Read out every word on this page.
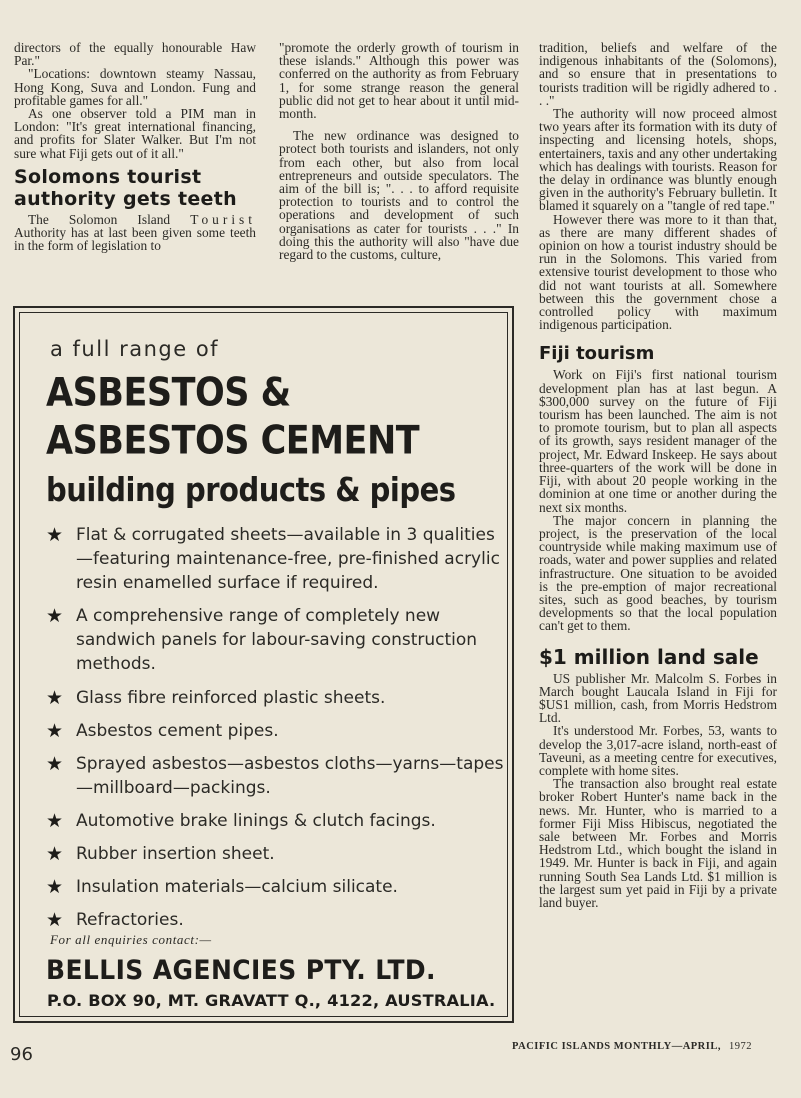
directors of the equally honourable Haw Par."

"Locations: downtown steamy Nassau, Hong Kong, Suva and London. Fung and profitable games for all."

As one observer told a PIM man in London: "It's great international financing, and profits for Slater Walker. But I'm not sure what Fiji gets out of it all."

Solomons tourist authority gets teeth

The Solomon Island Tourist Authority has at last been given some teeth in the form of legislation to

"promote the orderly growth of tourism in these islands." Although this power was conferred on the authority as from February 1, for some strange reason the general public did not get to hear about it until mid-month.

The new ordinance was designed to protect both tourists and islanders, not only from each other, but also from local entrepreneurs and outside speculators. The aim of the bill is; ". . . to afford requisite protection to tourists and to control the operations and development of such organisations as cater for tourists . . ." In doing this the authority will also "have due regard to the customs, culture,

tradition, beliefs and welfare of the indigenous inhabitants of the (Solomons), and so ensure that in presentations to tourists tradition will be rigidly adhered to . . ."

The authority will now proceed almost two years after its formation with its duty of inspecting and licensing hotels, shops, entertainers, taxis and any other undertaking which has dealings with tourists. Reason for the delay in ordinance was bluntly enough given in the authority's February bulletin. It blamed it squarely on a "tangle of red tape."

However there was more to it than that, as there are many different shades of opinion on how a tourist industry should be run in the Solomons. This varied from extensive tourist development to those who did not want tourists at all. Somewhere between this the government chose a controlled policy with maximum indigenous participation.

Fiji tourism

Work on Fiji's first national tourism development plan has at last begun. A $300,000 survey on the future of Fiji tourism has been launched. The aim is not to promote tourism, but to plan all aspects of its growth, says resident manager of the project, Mr. Edward Inskeep. He says about three-quarters of the work will be done in Fiji, with about 20 people working in the dominion at one time or another during the next six months.

The major concern in planning the project, is the preservation of the local countryside while making maximum use of roads, water and power supplies and related infrastructure. One situation to be avoided is the pre-emption of major recreational sites, such as good beaches, by tourism developments so that the local population can't get to them.

$1 million land sale

US publisher Mr. Malcolm S. Forbes in March bought Laucala Island in Fiji for $US1 million, cash, from Morris Hedstrom Ltd.

It's understood Mr. Forbes, 53, wants to develop the 3,017-acre island, north-east of Taveuni, as a meeting centre for executives, complete with home sites.

The transaction also brought real estate broker Robert Hunter's name back in the news. Mr. Hunter, who is married to a former Fiji Miss Hibiscus, negotiated the sale between Mr. Forbes and Morris Hedstrom Ltd., which bought the island in 1949. Mr. Hunter is back in Fiji, and again running South Sea Lands Ltd. $1 million is the largest sum yet paid in Fiji by a private land buyer.

a full range of
ASBESTOS &
ASBESTOS CEMENT
building products & pipes
★ Flat & corrugated sheets—available in 3 qualities—featuring maintenance-free, pre-finished acrylic resin enamelled surface if required.
★ A comprehensive range of completely new sandwich panels for labour-saving construction methods.
★ Glass fibre reinforced plastic sheets.
★ Asbestos cement pipes.
★ Sprayed asbestos—asbestos cloths—yarns—tapes—millboard—packings.
★ Automotive brake linings & clutch facings.
★ Rubber insertion sheet.
★ Insulation materials—calcium silicate.
★ Refractories.
For all enquiries contact:—
BELLIS AGENCIES PTY. LTD.
P.O. BOX 90, MT. GRAVATT Q., 4122, AUSTRALIA.
96	PACIFIC ISLANDS MONTHLY—APRIL, 1972
